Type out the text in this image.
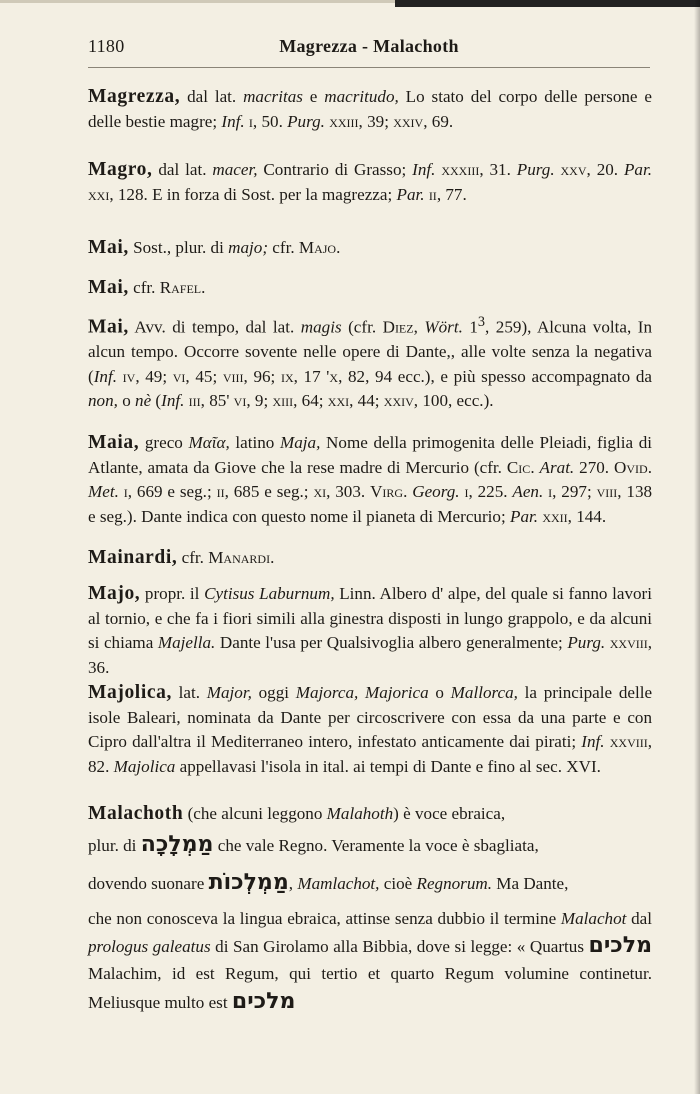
1180	Magrezza - Malachoth
Magrezza, dal lat. macritas e macritudo, Lo stato del corpo delle persone e delle bestie magre; Inf. i, 50. Purg. xxiii, 39; xxiv, 69.
Magro, dal lat. macer, Contrario di Grasso; Inf. xxxiii, 31. Purg. xxv, 20. Par. xxi, 128. E in forza di Sost. per la magrezza; Par. ii, 77.
Mai, Sost., plur. di majo; cfr. Majo.
Mai, cfr. Rafel.
Mai, Avv. di tempo, dal lat. magis (cfr. Diez, Wört. $1^3$, 259), Alcuna volta, In alcun tempo. Occorre sovente nelle opere di Dante,, alle volte senza la negativa (Inf. iv, 49; vi, 45; viii, 96; ix, 17 'x, 82, 94 ecc.), e più spesso accompagnato da non, o nè (Inf. iii, 85' vi, 9; xiii, 64; xxi, 44; xxiv, 100, ecc.).
Maia, greco Μαῖα, latino Maja, Nome della primogenita delle Pleiadi, figlia di Atlante, amata da Giove che la rese madre di Mercurio (cfr. Cic. Arat. 270. Ovid. Met. i, 669 e seg.; ii, 685 e seg.; xi, 303. Virg. Georg. i, 225. Aen. i, 297; viii, 138 e seg.). Dante indica con questo nome il pianeta di Mercurio; Par. xxii, 144.
Mainardi, cfr. Manardi.
Majo, propr. il Cytisus Laburnum, Linn. Albero d' alpe, del quale si fanno lavori al tornio, e che fa i fiori simili alla ginestra disposti in lungo grappolo, e da alcuni si chiama Majella. Dante l'usa per Qualsivoglia albero generalmente; Purg. xxviii, 36.
Majolica, lat. Major, oggi Majorca, Majorica o Mallorca, la principale delle isole Baleari, nominata da Dante per circoscrivere con essa da una parte e con Cipro dall'altra il Mediterraneo intero, infestato anticamente dai pirati; Inf. xxviii, 82. Majolica appellavasi l'isola in ital. ai tempi di Dante e fino al sec. XVI.

Malachoth (che alcuni leggono Malahoth) è voce ebraica,

plur. di מַמְלָכָה che vale Regno. Veramente la voce è sbagliata,

dovendo suonare מַמְלְכוֹת, Mamlachot, cioè Regnorum. Ma Dante,

che non conosceva la lingua ebraica, attinse senza dubbio il termine Malachot dal prologus galeatus di San Girolamo alla Bibbia, dove si legge: « Quartus מלכים Malachim, id est Regum, qui tertio et quarto Regum volumine continetur. Meliusque multo est מלכים
